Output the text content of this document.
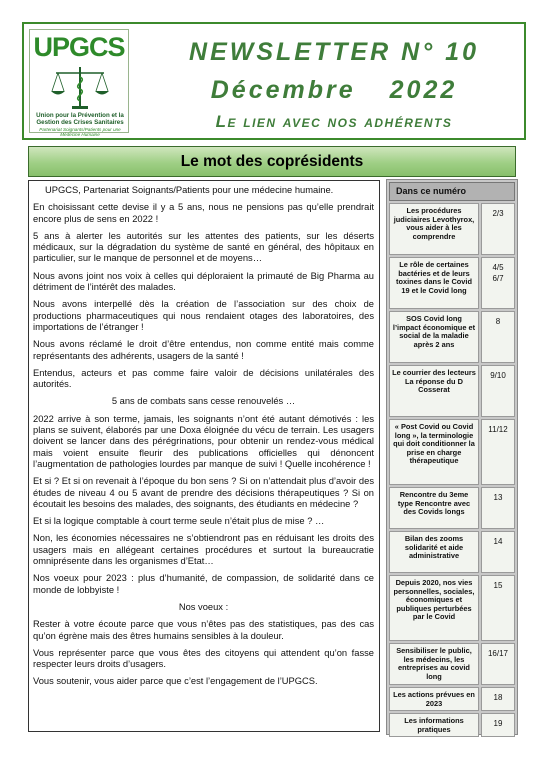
UPGCS
Union pour la Prévention et la Gestion des Crises Sanitaires
Partenariat Soignants/Patients pour une Médecine Humaine
NEWSLETTER N° 10
Décembre 2022
Le lien avec nos adhérents
Le mot des coprésidents

UPGCS, Partenariat Soignants/Patients pour une médecine humaine.

En choisissant cette devise il y a 5 ans, nous ne pensions pas qu’elle prendrait encore plus de sens en 2022 !

5 ans à alerter les autorités sur les attentes des patients, sur les déserts médicaux, sur la dégradation du système de santé en général, des hôpitaux en particulier, sur le manque de personnel et de moyens…

Nous avons joint nos voix à celles qui déploraient la primauté de Big Pharma au détriment de l’intérêt des malades.

Nous avons interpellé dès la création de l’association sur des choix de productions pharmaceutiques qui nous rendaient otages des laboratoires, des importations de l’étranger !

Nous avons réclamé le droit d’être entendus, non comme entité mais comme représentants des adhérents, usagers de la santé !

Entendus, acteurs et pas comme faire valoir de décisions unilatérales des autorités.

5 ans de combats sans cesse renouvelés …

2022 arrive à son terme, jamais, les soignants n’ont été autant démotivés : les plans se suivent, élaborés par une Doxa éloignée du vécu de terrain. Les usagers doivent se lancer dans des pérégrinations, pour obtenir un rendez-vous médical mais voient ensuite fleurir des publications officielles qui dénoncent l’augmentation de pathologies lourdes par manque de suivi ! Quelle incohérence !

Et si ? Et si on revenait à l’époque du bon sens ? Si on n’attendait plus d’avoir des études de niveau 4 ou 5 avant de prendre des décisions thérapeutiques ? Si on écoutait les besoins des malades, des soignants, des étudiants en médecine ?

Et si la logique comptable à court terme seule n’était plus de mise ? …

Non, les économies nécessaires ne s’obtiendront pas en réduisant les droits des usagers mais en allégeant certaines procédures et surtout la bureaucratie omniprésente dans les organismes d’Etat…

Nos voeux pour 2023 : plus d’humanité, de compassion, de solidarité dans ce monde de lobbyiste !

Nos voeux :

Rester à votre écoute parce que vous n’êtes pas des statistiques, pas des cas qu’on égrène mais des êtres humains sensibles à la douleur.

Vous représenter parce que vous êtes des citoyens qui attendent qu’on fasse respecter leurs droits d’usagers.

Vous soutenir, vous aider parce que c’est l’engagement de l’UPGCS.

Dans ce numéro
Les procédures judiciaires Levothyrox, vous aider à les comprendre
2/3
Le rôle de certaines bactéries et de leurs toxines dans le Covid 19 et le Covid long
4/5
6/7
SOS Covid long l’impact économique et social de la maladie après 2 ans
8
Le courrier des lecteurs La réponse du D Cosserat
9/10
« Post Covid ou Covid long », la terminologie qui doit conditionner la prise en charge thérapeutique
11/12
Rencontre du 3eme type Rencontre avec des Covids longs
13
Bilan des zooms solidarité et aide administrative
14
Depuis 2020, nos vies personnelles, sociales, économiques et publiques perturbées par le Covid
15
Sensibiliser le public, les médecins, les entreprises au covid long
16/17
Les actions prévues en 2023
18
Les informations pratiques
19
